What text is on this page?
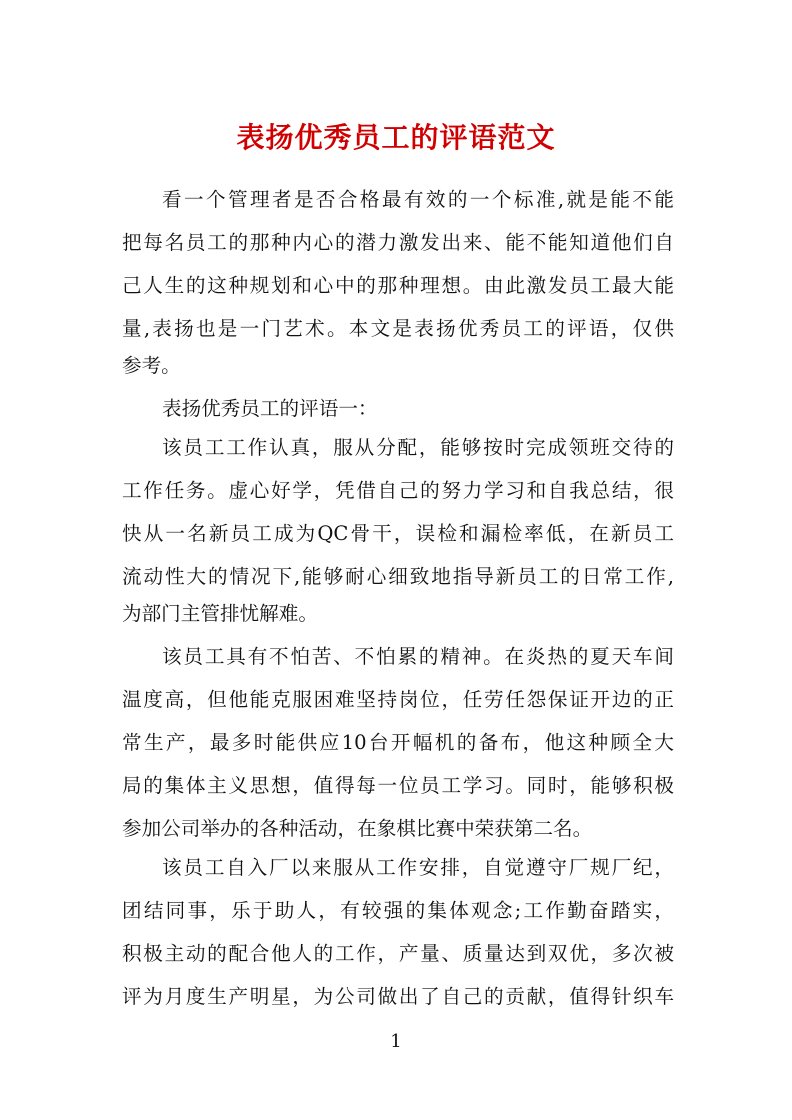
表扬优秀员工的评语范文
看一个管理者是否合格最有效的一个标准,就是能不能
把每名员工的那种内心的潜力激发出来、能不能知道他们自
己人生的这种规划和心中的那种理想。由此激发员工最大能
量,表扬也是一门艺术。本文是表扬优秀员工的评语，仅供
参考。
表扬优秀员工的评语一：
该员工工作认真，服从分配，能够按时完成领班交待的
工作任务。虚心好学，凭借自己的努力学习和自我总结，很
快从一名新员工成为QC骨干，误检和漏检率低，在新员工
流动性大的情况下,能够耐心细致地指导新员工的日常工作,
为部门主管排忧解难。
该员工具有不怕苦、不怕累的精神。在炎热的夏天车间
温度高，但他能克服困难坚持岗位，任劳任怨保证开边的正
常生产，最多时能供应10台开幅机的备布，他这种顾全大
局的集体主义思想，值得每一位员工学习。同时，能够积极
参加公司举办的各种活动，在象棋比赛中荣获第二名。
该员工自入厂以来服从工作安排，自觉遵守厂规厂纪，
团结同事，乐于助人，有较强的集体观念;工作勤奋踏实，
积极主动的配合他人的工作，产量、质量达到双优，多次被
评为月度生产明星，为公司做出了自己的贡献，值得针织车
1
